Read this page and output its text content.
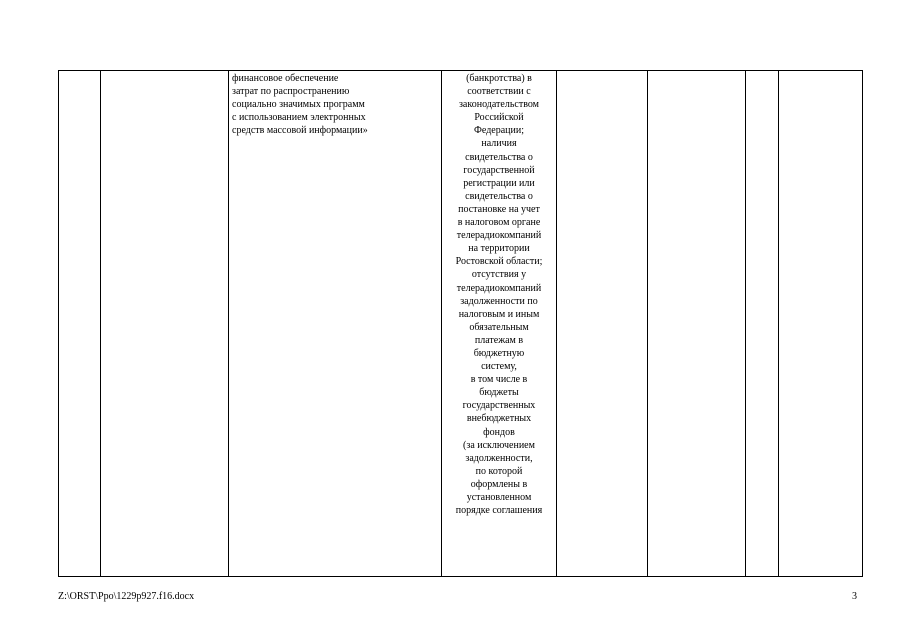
финансовое обеспечение
затрат по распространению
социально значимых программ
с использованием электронных
средств массовой информации»

(банкротства) в
соответствии с
законодательством
Российской
Федерации;
наличия
свидетельства о
государственной
регистрации или
свидетельства о
постановке на учет
в налоговом органе
телерадиокомпаний
на территории
Ростовской области;
отсутствия у
телерадиокомпаний
задолженности по
налоговым и иным
обязательным
платежам в
бюджетную
систему,
в том числе в
бюджеты
государственных
внебюджетных
фондов
(за исключением
задолженности,
по которой
оформлены в
установленном
порядке соглашения

Z:\ORST\Ppo\1229p927.f16.docx	3
